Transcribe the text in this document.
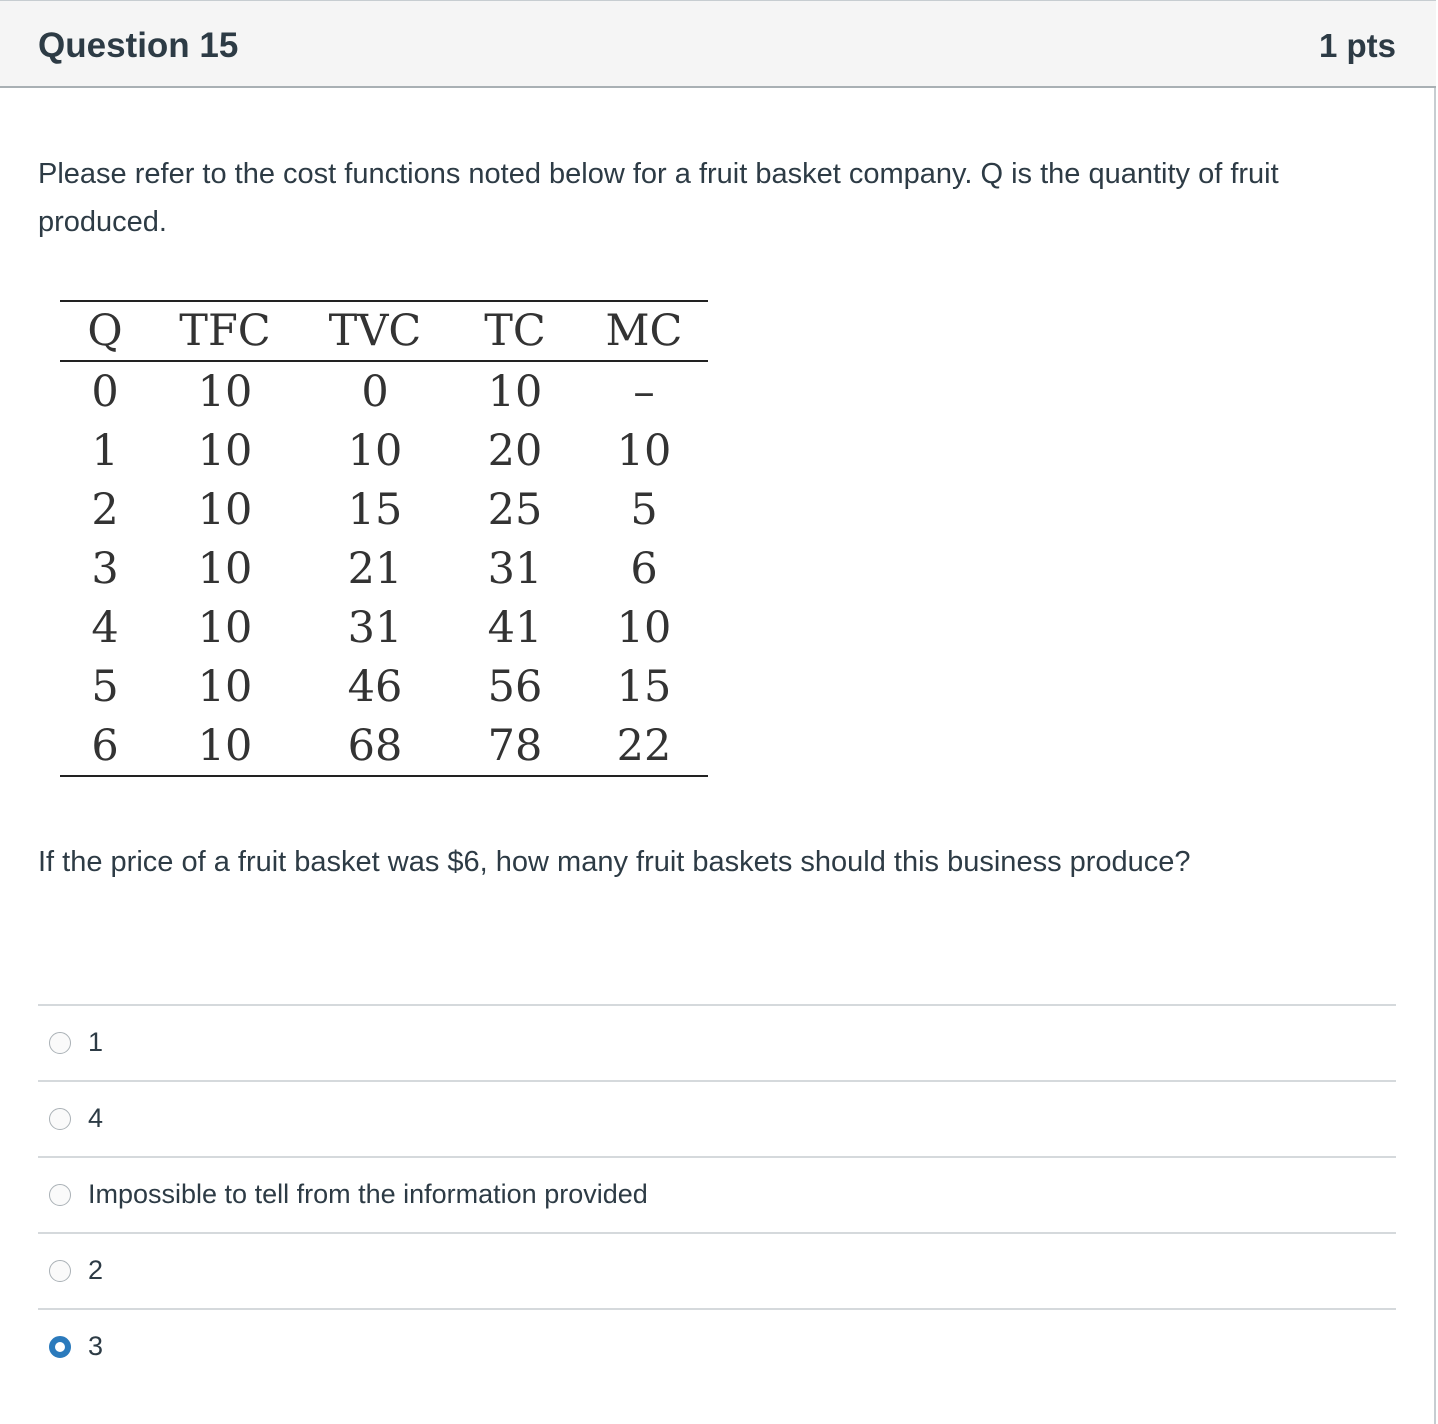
Question 15	1 pts
Please refer to the cost functions noted below for a fruit basket company. Q is the quantity of fruit produced.
Q	TFC	TVC	TC	MC
0	10	0	10	–
1	10	10	20	10
2	10	15	25	5
3	10	21	31	6
4	10	31	41	10
5	10	46	56	15
6	10	68	78	22
If the price of a fruit basket was $6, how many fruit baskets should this business produce?
1
4
Impossible to tell from the information provided
2
3
